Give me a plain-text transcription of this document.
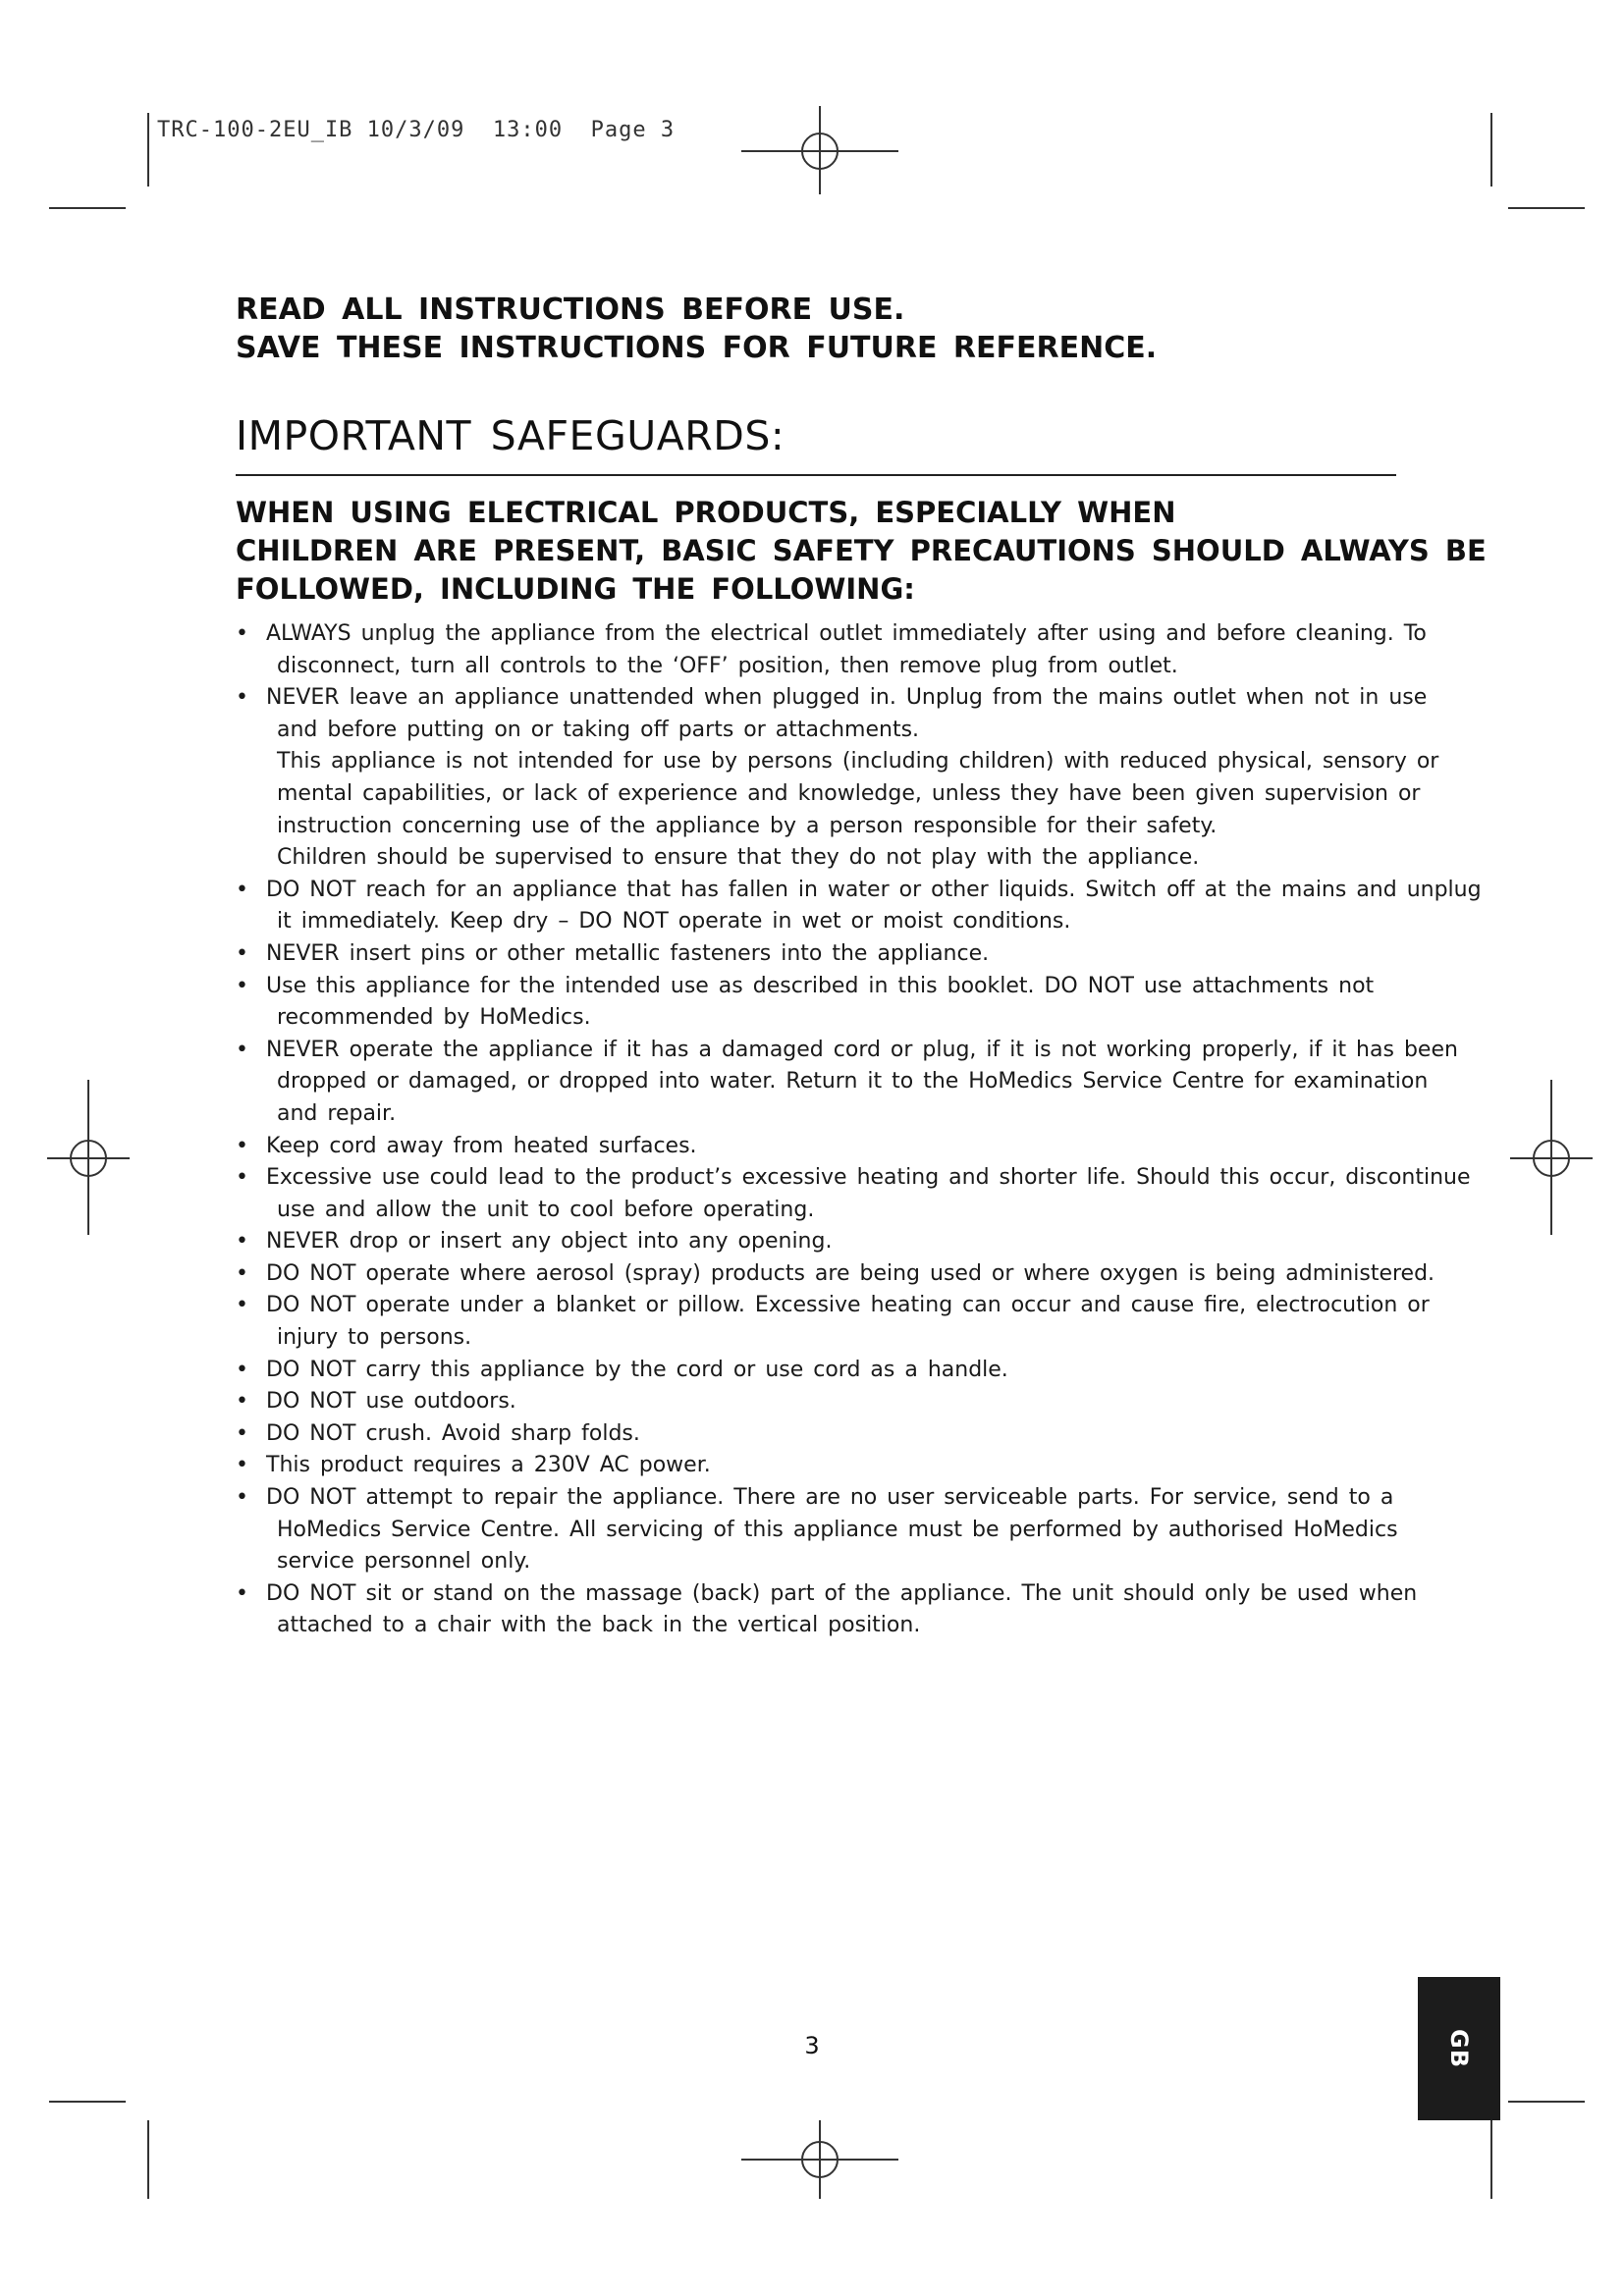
TRC-100-2EU_IB 10/3/09  13:00  Page 3

READ ALL INSTRUCTIONS BEFORE USE.

SAVE THESE INSTRUCTIONS FOR FUTURE REFERENCE.

IMPORTANT SAFEGUARDS:
WHEN USING ELECTRICAL PRODUCTS, ESPECIALLY WHEN
CHILDREN ARE PRESENT, BASIC SAFETY PRECAUTIONS SHOULD ALWAYS BE
FOLLOWED, INCLUDING THE FOLLOWING:
• ALWAYS unplug the appliance from the electrical outlet immediately after using and before cleaning. To
disconnect, turn all controls to the ‘OFF’ position, then remove plug from outlet.
• NEVER leave an appliance unattended when plugged in. Unplug from the mains outlet when not in use
and before putting on or taking off parts or attachments.
This appliance is not intended for use by persons (including children) with reduced physical, sensory or
mental capabilities, or lack of experience and knowledge, unless they have been given supervision or
instruction concerning use of the appliance by a person responsible for their safety.
Children should be supervised to ensure that they do not play with the appliance.
• DO NOT reach for an appliance that has fallen in water or other liquids. Switch off at the mains and unplug
it immediately. Keep dry – DO NOT operate in wet or moist conditions.
• NEVER insert pins or other metallic fasteners into the appliance.
• Use this appliance for the intended use as described in this booklet. DO NOT use attachments not
recommended by HoMedics.
• NEVER operate the appliance if it has a damaged cord or plug, if it is not working properly, if it has been
dropped or damaged, or dropped into water. Return it to the HoMedics Service Centre for examination
and repair.
• Keep cord away from heated surfaces.
• Excessive use could lead to the product’s excessive heating and shorter life. Should this occur, discontinue
use and allow the unit to cool before operating.
• NEVER drop or insert any object into any opening.
• DO NOT operate where aerosol (spray) products are being used or where oxygen is being administered.
• DO NOT operate under a blanket or pillow. Excessive heating can occur and cause fire, electrocution or
injury to persons.
• DO NOT carry this appliance by the cord or use cord as a handle.
• DO NOT use outdoors.
• DO NOT crush. Avoid sharp folds.
• This product requires a 230V AC power.
• DO NOT attempt to repair the appliance. There are no user serviceable parts. For service, send to a
HoMedics Service Centre. All servicing of this appliance must be performed by authorised HoMedics
service personnel only.
• DO NOT sit or stand on the massage (back) part of the appliance. The unit should only be used when
attached to a chair with the back in the vertical position.
3	GB
